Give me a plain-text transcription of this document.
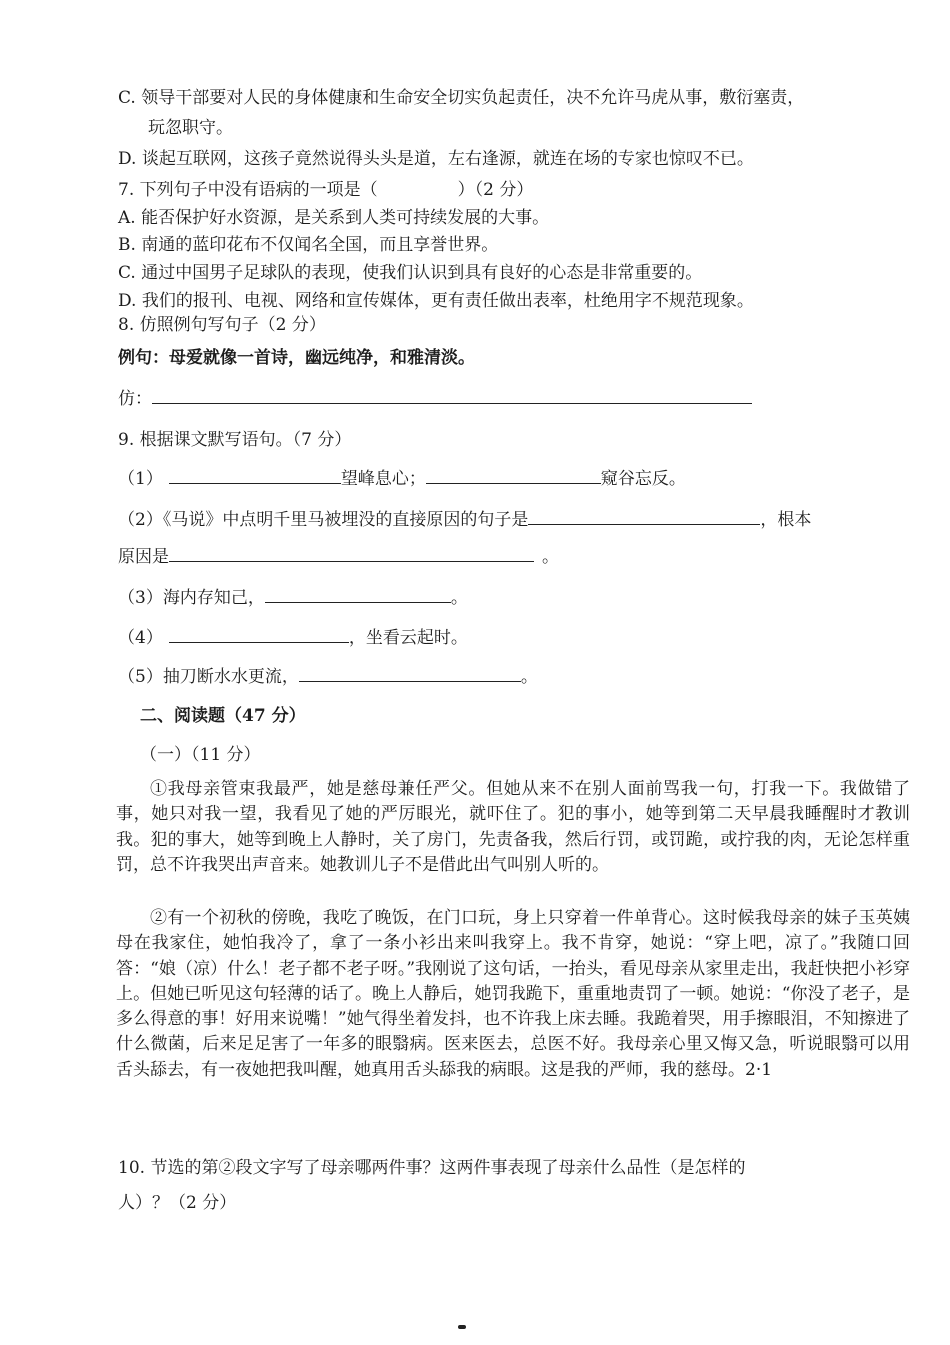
C. 领导干部要对人民的身体健康和生命安全切实负起责任，决不允许马虎从事，敷衍塞责，
玩忽职守。
D. 谈起互联网，这孩子竟然说得头头是道，左右逢源，就连在场的专家也惊叹不已。
7. 下列句子中没有语病的一项是（	）（2 分）
A. 能否保护好水资源，是关系到人类可持续发展的大事。
B. 南通的蓝印花布不仅闻名全国，而且享誉世界。
C. 通过中国男子足球队的表现，使我们认识到具有良好的心态是非常重要的。
D. 我们的报刊、电视、网络和宣传媒体，更有责任做出表率，杜绝用字不规范现象。
8. 仿照例句写句子（2 分）
例句：母爱就像一首诗，幽远纯净，和雅清淡。
仿：
9. 根据课文默写语句。（7 分）
（1）	望峰息心；	窥谷忘反。
（2）《马说》中点明千里马被埋没的直接原因的句子是	，根本
原因是	。
（3）海内存知己，	。
（4）	，坐看云起时。
（5）抽刀断水水更流，	。
二、阅读题（47 分）
（一）（11 分）
①我母亲管束我最严，她是慈母兼任严父。但她从来不在别人面前骂我一句，打我一下。我做错了事，她只对我一望，我看见了她的严厉眼光，就吓住了。犯的事小，她等到第二天早晨我睡醒时才教训我。犯的事大，她等到晚上人静时，关了房门，先责备我，然后行罚，或罚跪，或拧我的肉，无论怎样重罚，总不许我哭出声音来。她教训儿子不是借此出气叫别人听的。
②有一个初秋的傍晚，我吃了晚饭，在门口玩，身上只穿着一件单背心。这时候我母亲的妹子玉英姨母在我家住，她怕我冷了，拿了一条小衫出来叫我穿上。我不肯穿，她说：“穿上吧，凉了。”我随口回答：“娘（凉）什么！老子都不老子呀。”我刚说了这句话，一抬头，看见母亲从家里走出，我赶快把小衫穿上。但她已听见这句轻薄的话了。晚上人静后，她罚我跪下，重重地责罚了一顿。她说：“你没了老子，是多么得意的事！好用来说嘴！”她气得坐着发抖，也不许我上床去睡。我跪着哭，用手擦眼泪，不知擦进了什么微菌，后来足足害了一年多的眼翳病。医来医去，总医不好。我母亲心里又悔又急，听说眼翳可以用舌头舔去，有一夜她把我叫醒，她真用舌头舔我的病眼。这是我的严师，我的慈母。2·1
10. 节选的第②段文字写了母亲哪两件事？这两件事表现了母亲什么品性（是怎样的
人）？（2 分）
